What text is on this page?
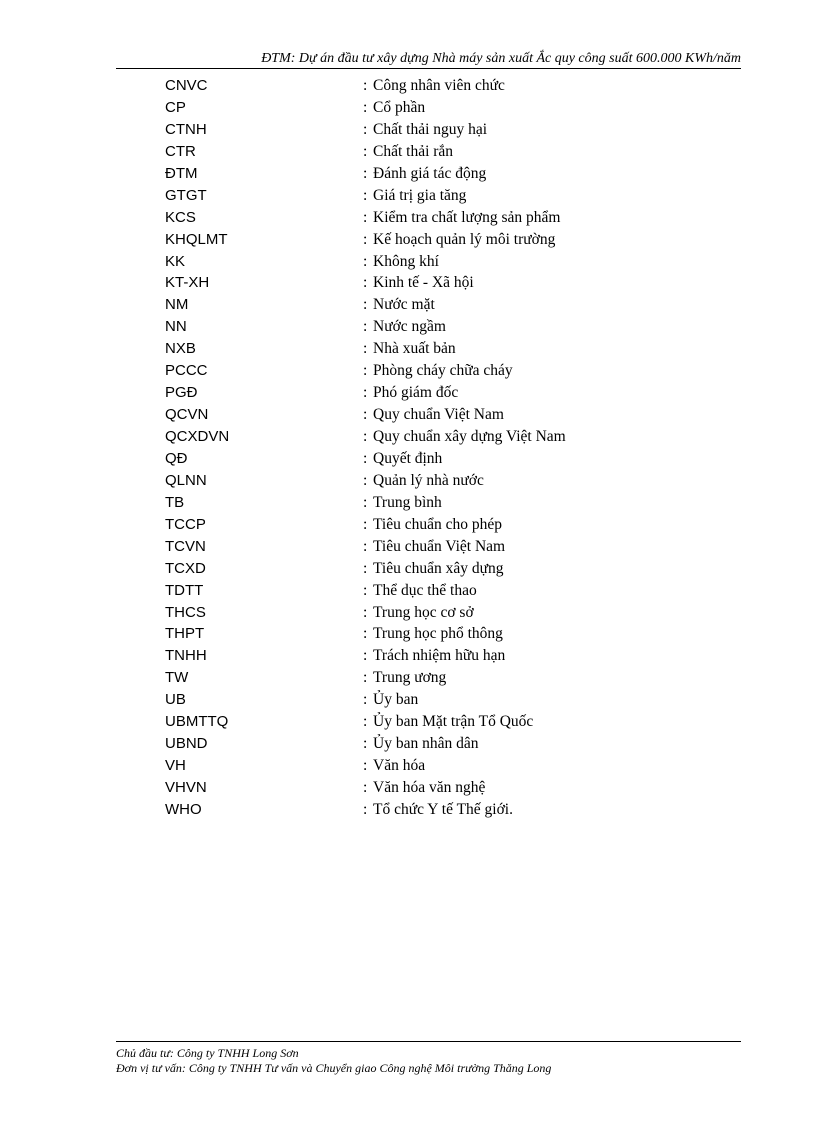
ĐTM: Dự án đầu tư xây dựng Nhà máy sản xuất Ắc quy công suất 600.000 KWh/năm
CNVC	: Công nhân viên chức
CP	: Cổ phần
CTNH	: Chất thải nguy hại
CTR	: Chất thải rắn
ĐTM	: Đánh giá tác động
GTGT	: Giá trị gia tăng
KCS	: Kiểm tra chất lượng sản phẩm
KHQLMT	: Kế hoạch quản lý môi trường
KK	: Không khí
KT-XH	: Kinh tế - Xã hội
NM	: Nước mặt
NN	: Nước ngầm
NXB	: Nhà xuất bản
PCCC	: Phòng cháy chữa cháy
PGĐ	: Phó giám đốc
QCVN	: Quy chuẩn Việt Nam
QCXDVN	: Quy chuẩn xây dựng Việt Nam
QĐ	: Quyết định
QLNN	: Quản lý nhà nước
TB	: Trung bình
TCCP	: Tiêu chuẩn cho phép
TCVN	: Tiêu chuẩn Việt Nam
TCXD	: Tiêu chuẩn xây dựng
TDTT	: Thể dục thể thao
THCS	: Trung học cơ sở
THPT	: Trung học phổ thông
TNHH	: Trách nhiệm hữu hạn
TW	: Trung ương
UB	: Ủy ban
UBMTTQ	: Ủy ban Mặt trận Tổ Quốc
UBND	: Ủy ban nhân dân
VH	: Văn hóa
VHVN	: Văn hóa văn nghệ
WHO	: Tổ chức Y tế Thế giới.
Chủ đầu tư: Công ty TNHH Long Sơn
Đơn vị tư vấn: Công ty TNHH Tư vấn và Chuyển giao Công nghệ Môi trường Thăng Long
